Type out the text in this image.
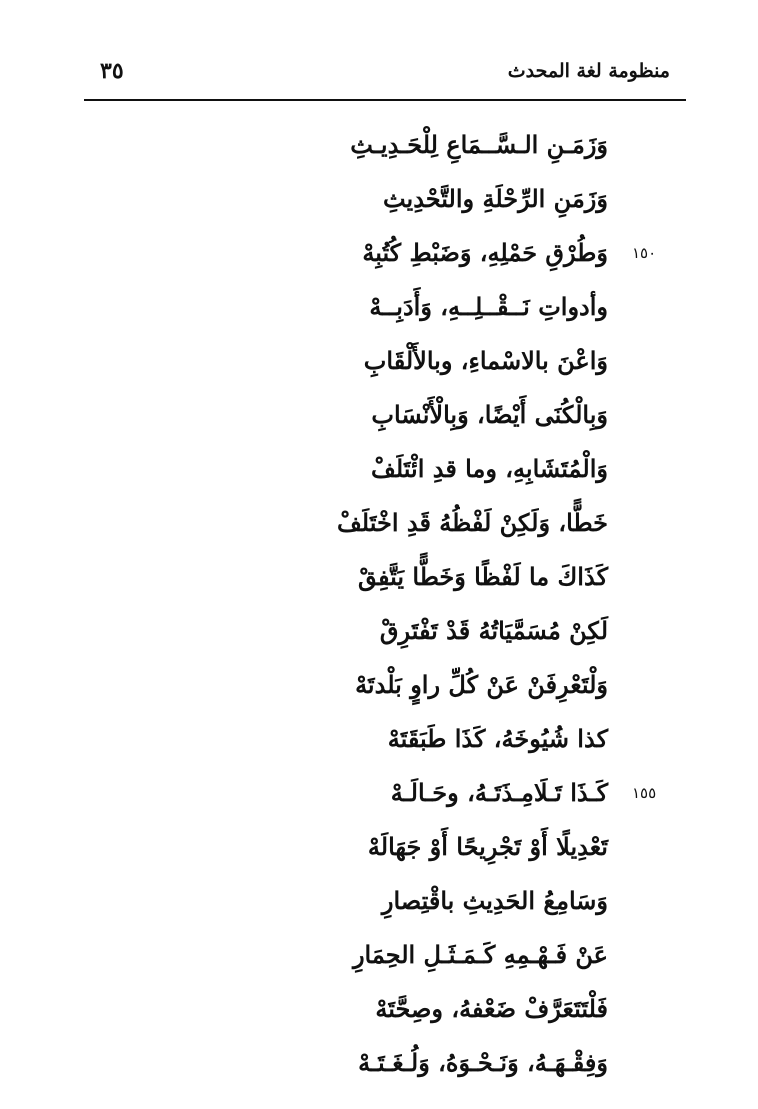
منظومة لغة المحدث
٣٥
وَزَمَـنِ الـسَّــمَاعِ لِلْحَـدِيـثِ
وَزَمَنِ الرِّحْلَةِ والتَّحْدِيثِ
١٥٠
وَطُرْقِ حَمْلِهِ، وَضَبْطِ كُتُبِهْ
وأدواتِ نَــقْــلِــهِ، وَأَدَبِــهْ
وَاعْنَ بالاسْماءِ، وبالأَلْقَابِ
وَبِالْكُنَى أَيْضًا، وَبِالْأَنْسَابِ
وَالْمُتَشَابِهِ، وما قدِ ائْتَلَفْ
خَطًّا، وَلَكِنْ لَفْظُهُ قَدِ اخْتَلَفْ
كَذَاكَ ما لَفْظًا وَخَطًّا يَتَّفِقْ
لَكِنْ مُسَمَّيَاتُهُ قَدْ تَفْتَرِقْ
وَلْتَعْرِفَنْ عَنْ كُلِّ راوٍ بَلْدتَهْ
كذا شُيُوخَهُ، كَذَا طَبَقَتَهْ
١٥٥
كَـذَا تَـلَامِـذَتَـهُ، وحَـالَـهْ
تَعْدِيلًا أَوْ تَجْرِيحًا أَوْ جَهَالَهْ
وَسَامِعُ الحَدِيثِ باقْتِصارِ
عَنْ فَـهْـمِهِ كَـمَـثَـلِ الحِمَارِ
فَلْتَتَعَرَّفْ ضَعْفهُ، وصِحَّتَهْ
وَفِقْـهَـهُ، وَنَـحْـوَهُ، وَلُـغَـتَـهْ
